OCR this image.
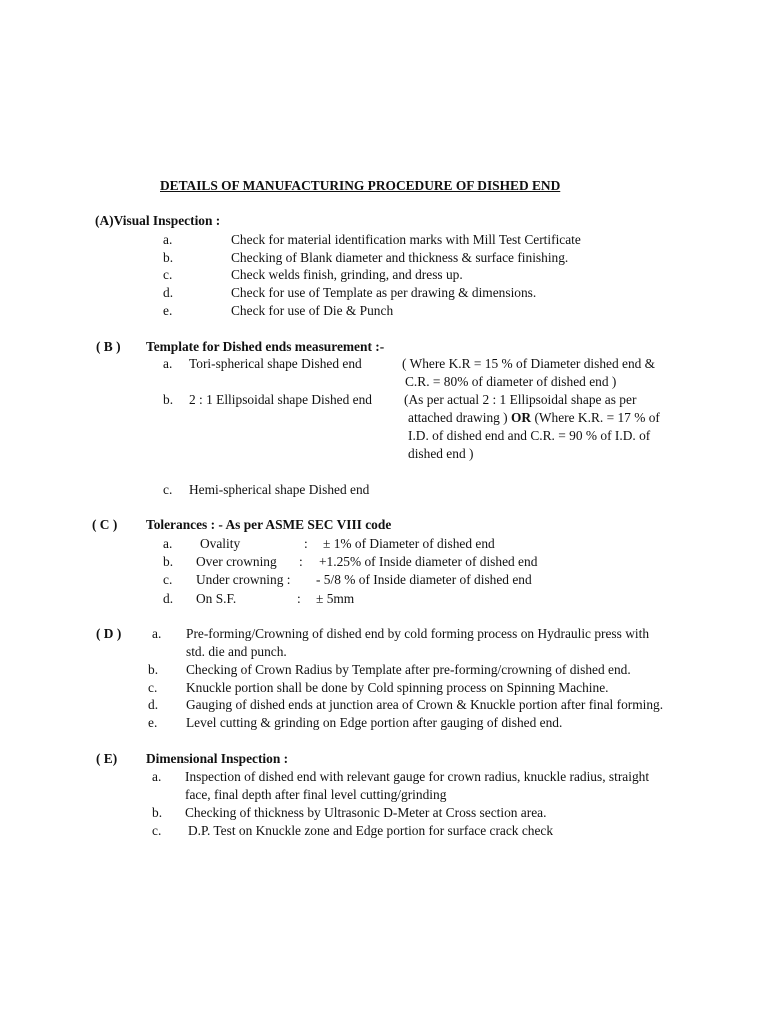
DETAILS OF MANUFACTURING PROCEDURE OF DISHED END
(A)Visual Inspection :
a.	Check for material identification marks with Mill Test Certificate
b.	Checking of Blank diameter and thickness & surface finishing.
c.	Check welds finish, grinding, and dress up.
d.	Check for use of Template as per drawing & dimensions.
e.	Check for use of Die & Punch
( B ) Template for Dished ends measurement :-
a. Tori-spherical shape Dished end	( Where K.R = 15 % of Diameter dished end &
C.R. = 80% of diameter of dished end )
b. 2 : 1 Ellipsoidal shape Dished end (As per actual 2 : 1 Ellipsoidal shape as per
attached drawing ) OR (Where K.R. = 17 % of
I.D. of dished end and C.R. = 90 % of I.D. of
dished end )
c. Hemi-spherical shape Dished end
( C ) Tolerances : - As per ASME SEC VIII code
a. Ovality	: ± 1% of Diameter of dished end
b. Over crowning : +1.25% of Inside diameter of dished end
c. Under crowning : - 5/8 % of Inside diameter of dished end
d. On S.F.	: ± 5mm
( D ) a. Pre-forming/Crowning of dished end by cold forming process on Hydraulic press with
std. die and punch.
b. Checking of Crown Radius by Template after pre-forming/crowning of dished end.
c. Knuckle portion shall be done by Cold spinning process on Spinning Machine.
d. Gauging of dished ends at junction area of Crown & Knuckle portion after final forming.
e. Level cutting & grinding on Edge portion after gauging of dished end.
( E) Dimensional Inspection :
a. Inspection of dished end with relevant gauge for crown radius, knuckle radius, straight
face, final depth after final level cutting/grinding
b. Checking of thickness by Ultrasonic D-Meter at Cross section area.
c. D.P. Test on Knuckle zone and Edge portion for surface crack check
